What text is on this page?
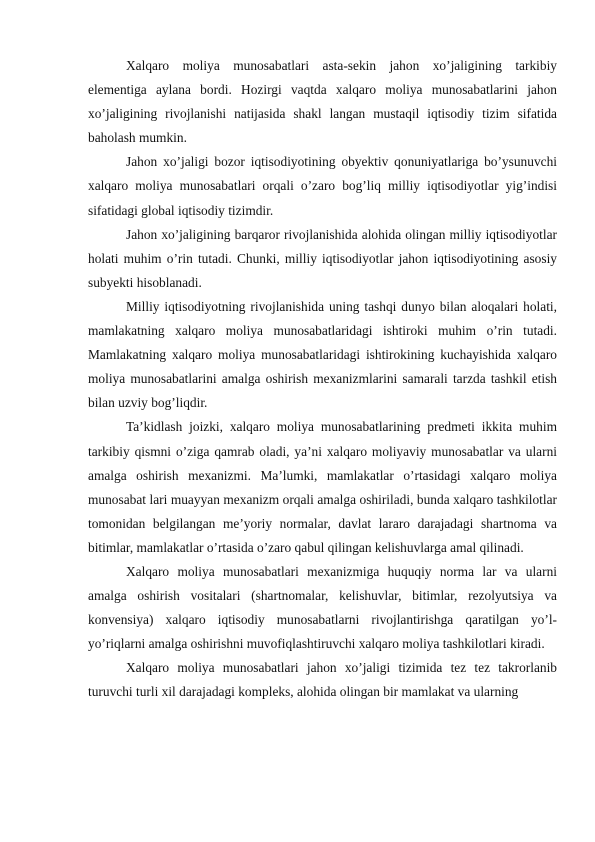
Xalqaro moliya munosabatlari asta-sekin jahon xo’jaligining tarkibiy elementiga aylana bordi. Hozirgi vaqtda xalqaro moliya munosabatlarini jahon xo’jaligining rivojlanishi natijasida shakl langan mustaqil iqtisodiy tizim sifatida baholash mumkin.

Jahon xo’jaligi bozor iqtisodiyotining obyektiv qonuniyatlariga bo’ysunuvchi xalqaro moliya munosabatlari orqali o’zaro bog’liq milliy iqtisodiyotlar yig’indisi sifatidagi global iqtisodiy tizimdir.

Jahon xo’jaligining barqaror rivojlanishida alohida olingan milliy iqtisodiyotlar holati muhim o’rin tutadi. Chunki, milliy iqtisodiyotlar jahon iqtisodiyotining asosiy subyekti hisoblanadi.

Milliy iqtisodiyotning rivojlanishida uning tashqi dunyo bilan aloqalari holati, mamlakatning xalqaro moliya munosabatlaridagi ishtiroki muhim o’rin tutadi. Mamlakatning xalqaro moliya munosabatlaridagi ishtirokining kuchayishida xalqaro moliya munosabatlarini amalga oshirish mexanizmlarini samarali tarzda tashkil etish bilan uzviy bog’liqdir.

Ta’kidlash joizki, xalqaro moliya munosabatlarining predmeti ikkita muhim tarkibiy qismni o’ziga qamrab oladi, ya’ni xalqaro moliyaviy munosabatlar va ularni amalga oshirish mexanizmi. Ma’lumki, mamlakatlar o’rtasidagi xalqaro moliya munosabat lari muayyan mexanizm orqali amalga oshiriladi, bunda xalqaro tashkilotlar tomonidan belgilangan me’yoriy normalar, davlat lararo darajadagi shartnoma va bitimlar, mamlakatlar o’rtasida o’zaro qabul qilingan kelishuvlarga amal qilinadi.

Xalqaro moliya munosabatlari mexanizmiga huquqiy norma lar va ularni amalga oshirish vositalari (shartnomalar, kelishuvlar, bitimlar, rezolyutsiya va konvensiya) xalqaro iqtisodiy munosabatlarni rivojlantirishga qaratilgan yo’l-yo’riqlarni amalga oshirishni muvofiqlashtiruvchi xalqaro moliya tashkilotlari kiradi.

Xalqaro moliya munosabatlari jahon xo’jaligi tizimida tez tez takrorlanib turuvchi turli xil darajadagi kompleks, alohida olingan bir mamlakat va ularning
